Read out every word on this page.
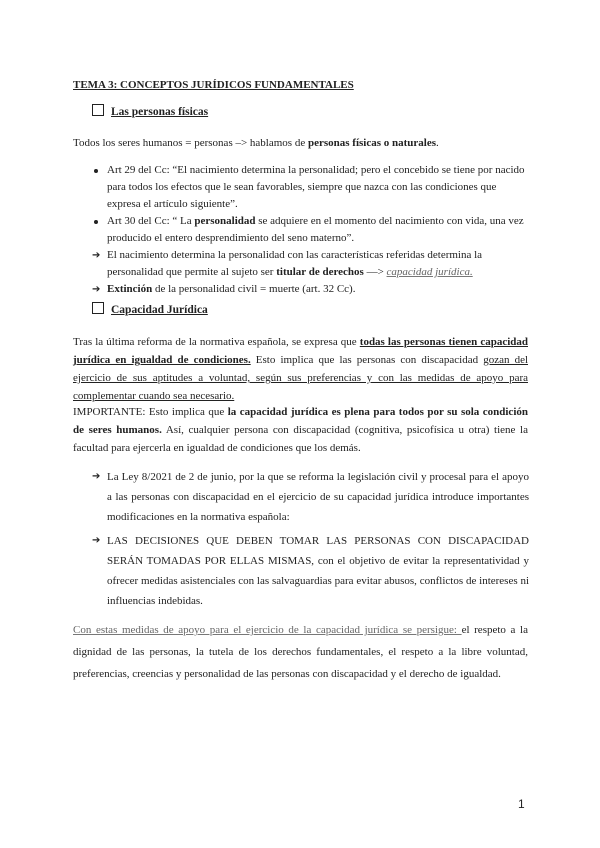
TEMA 3: CONCEPTOS JURÍDICOS FUNDAMENTALES

Las personas físicas

Todos los seres humanos = personas –> hablamos de personas físicas o naturales.

Art 29 del Cc: “El nacimiento determina la personalidad; pero el concebido se tiene por nacido para todos los efectos que le sean favorables, siempre que nazca con las condiciones que expresa el artículo siguiente”.
Art 30 del Cc: “ La personalidad se adquiere en el momento del nacimiento con vida, una vez producido el entero desprendimiento del seno materno”.
➔ El nacimiento determina la personalidad con las características referidas determina la personalidad que permite al sujeto ser titular de derechos —> capacidad jurídica.
➔ Extinción de la personalidad civil = muerte (art. 32 Cc).
Capacidad Jurídica

Tras la última reforma de la normativa española, se expresa que todas las personas tienen capacidad jurídica en igualdad de condiciones. Esto implica que las personas con discapacidad gozan del ejercicio de sus aptitudes a voluntad, según sus preferencias y con las medidas de apoyo para complementar cuando sea necesario.

IMPORTANTE: Esto implica que la capacidad jurídica es plena para todos por su sola condición de seres humanos. Así, cualquier persona con discapacidad (cognitiva, psicofísica u otra) tiene la facultad para ejercerla en igualdad de condiciones que los demás.

➔ La Ley 8/2021 de 2 de junio, por la que se reforma la legislación civil y procesal para el apoyo a las personas con discapacidad en el ejercicio de su capacidad jurídica introduce importantes modificaciones en la normativa española:
➔ LAS DECISIONES QUE DEBEN TOMAR LAS PERSONAS CON DISCAPACIDAD SERÁN TOMADAS POR ELLAS MISMAS, con el objetivo de evitar la representatividad y ofrecer medidas asistenciales con las salvaguardias para evitar abusos, conflictos de intereses ni influencias indebidas.

Con estas medidas de apoyo para el ejercicio de la capacidad jurídica se persigue: el respeto a la dignidad de las personas, la tutela de los derechos fundamentales, el respeto a la libre voluntad, preferencias, creencias y personalidad de las personas con discapacidad y el derecho de igualdad.

1
